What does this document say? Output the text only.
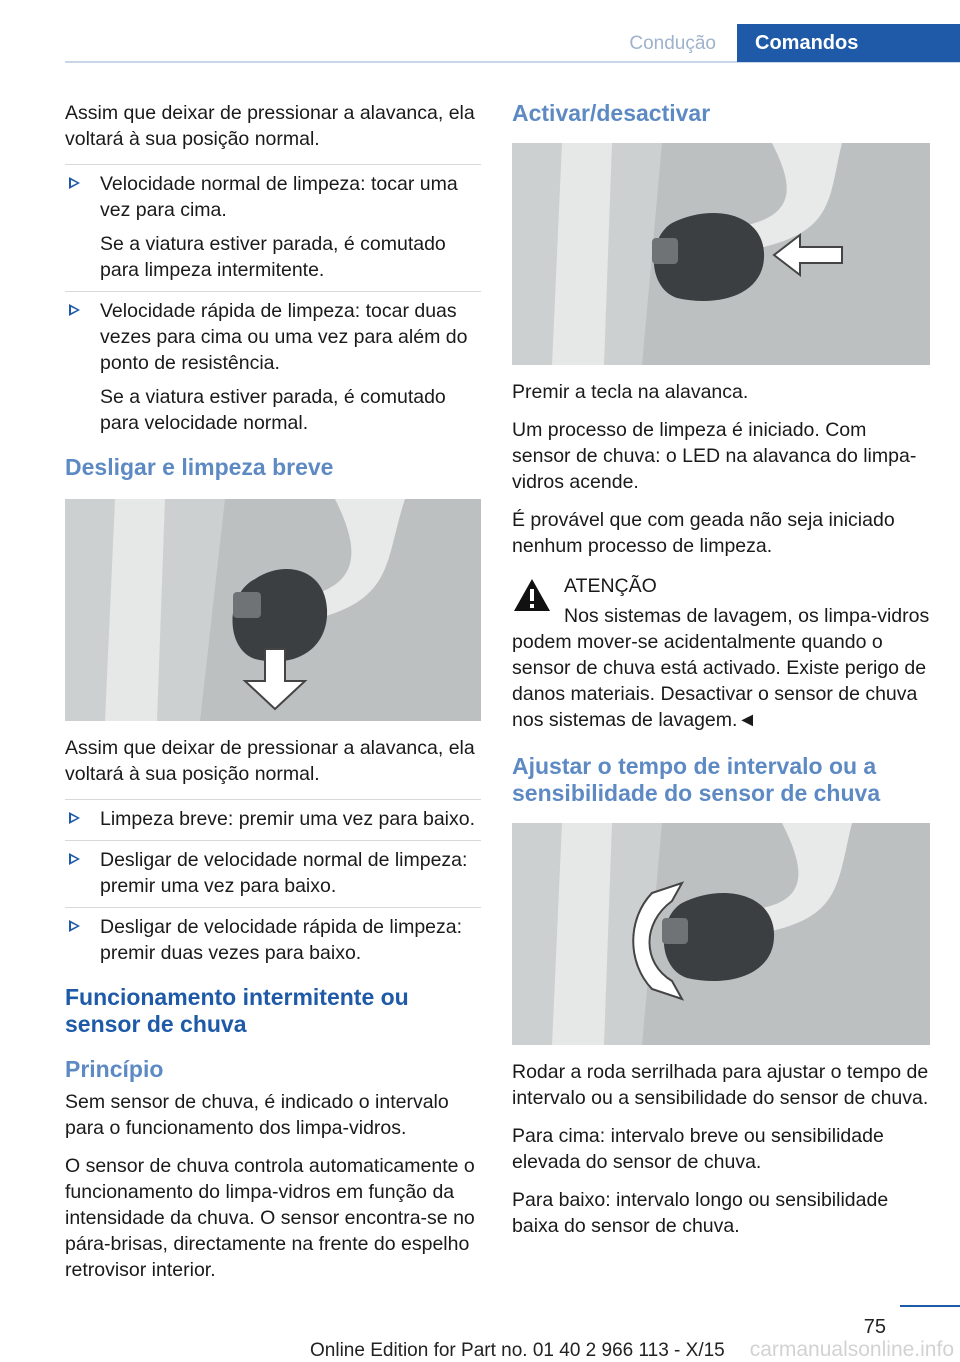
Condução	Comandos

Assim que deixar de pressionar a alavanca, ela voltará à sua posição normal.

Velocidade normal de limpeza: tocar uma vez para cima.

Se a viatura estiver parada, é comutado para limpeza intermitente.

Velocidade rápida de limpeza: tocar duas vezes para cima ou uma vez para além do ponto de resistência.

Se a viatura estiver parada, é comutado para velocidade normal.

Desligar e limpeza breve

Assim que deixar de pressionar a alavanca, ela voltará à sua posição normal.

Limpeza breve: premir uma vez para baixo.

Desligar de velocidade normal de limpeza: premir uma vez para baixo.

Desligar de velocidade rápida de limpeza: premir duas vezes para baixo.

Funcionamento intermitente ou sensor de chuva
Princípio

Sem sensor de chuva, é indicado o intervalo para o funcionamento dos limpa-vidros.

O sensor de chuva controla automaticamente o funcionamento do limpa-vidros em função da intensidade da chuva. O sensor encontra-se no pára-brisas, directamente na frente do espelho retrovisor interior.

Activar/desactivar

Premir a tecla na alavanca.

Um processo de limpeza é iniciado. Com sensor de chuva: o LED na alavanca do limpa-vidros acende.

É provável que com geada não seja iniciado nenhum processo de limpeza.

ATENÇÃO

Nos sistemas de lavagem, os limpa-vidros podem mover-se acidentalmente quando o sensor de chuva está activado. Existe perigo de danos materiais. Desactivar o sensor de chuva nos sistemas de lavagem.◄

Ajustar o tempo de intervalo ou a sensibilidade do sensor de chuva

Rodar a roda serrilhada para ajustar o tempo de intervalo ou a sensibilidade do sensor de chuva.

Para cima: intervalo breve ou sensibilidade elevada do sensor de chuva.

Para baixo: intervalo longo ou sensibilidade baixa do sensor de chuva.

75
Online Edition for Part no. 01 40 2 966 113 - X/15 carmanualsonline.info
